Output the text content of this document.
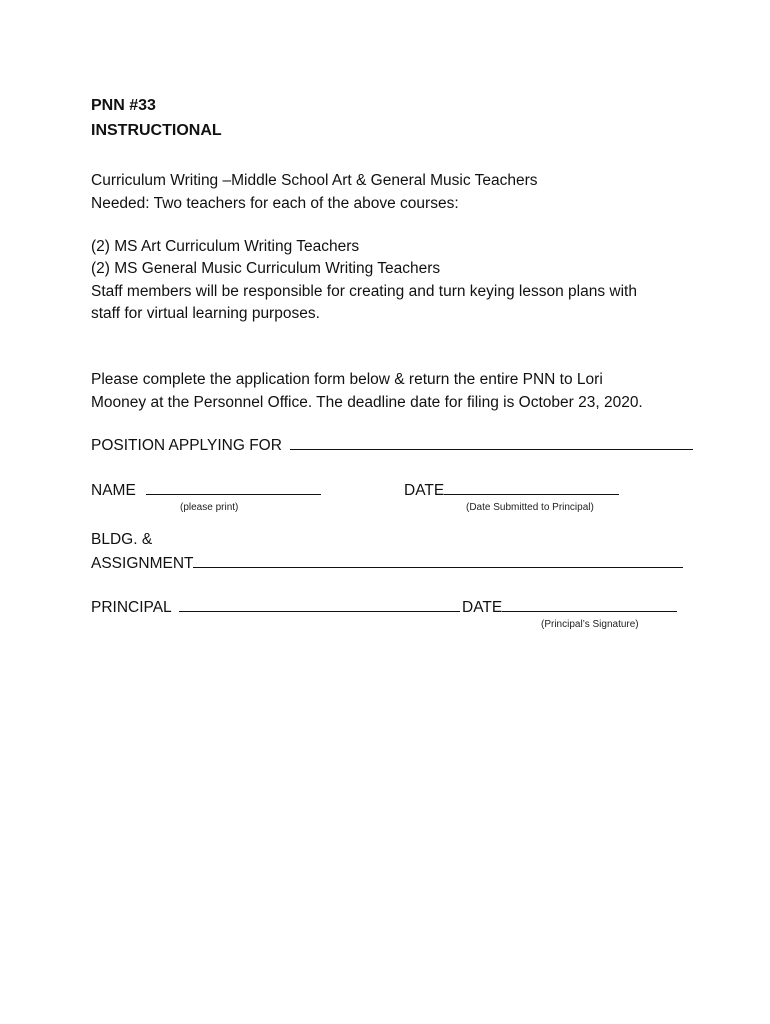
PNN #33
INSTRUCTIONAL
Curriculum Writing –Middle School Art & General Music Teachers
Needed: Two teachers for each of the above courses:
(2) MS Art Curriculum Writing Teachers
(2) MS General Music Curriculum Writing Teachers
Staff members will be responsible for creating and turn keying lesson plans with
staff for virtual learning purposes.
Please complete the application form below & return the entire PNN to Lori
Mooney at the Personnel Office. The deadline date for filing is October 23, 2020.
POSITION APPLYING FOR
NAME
(please print)
DATE
(Date Submitted to Principal)
BLDG. &
ASSIGNMENT
PRINCIPAL	DATE
(Principal’s Signature)
